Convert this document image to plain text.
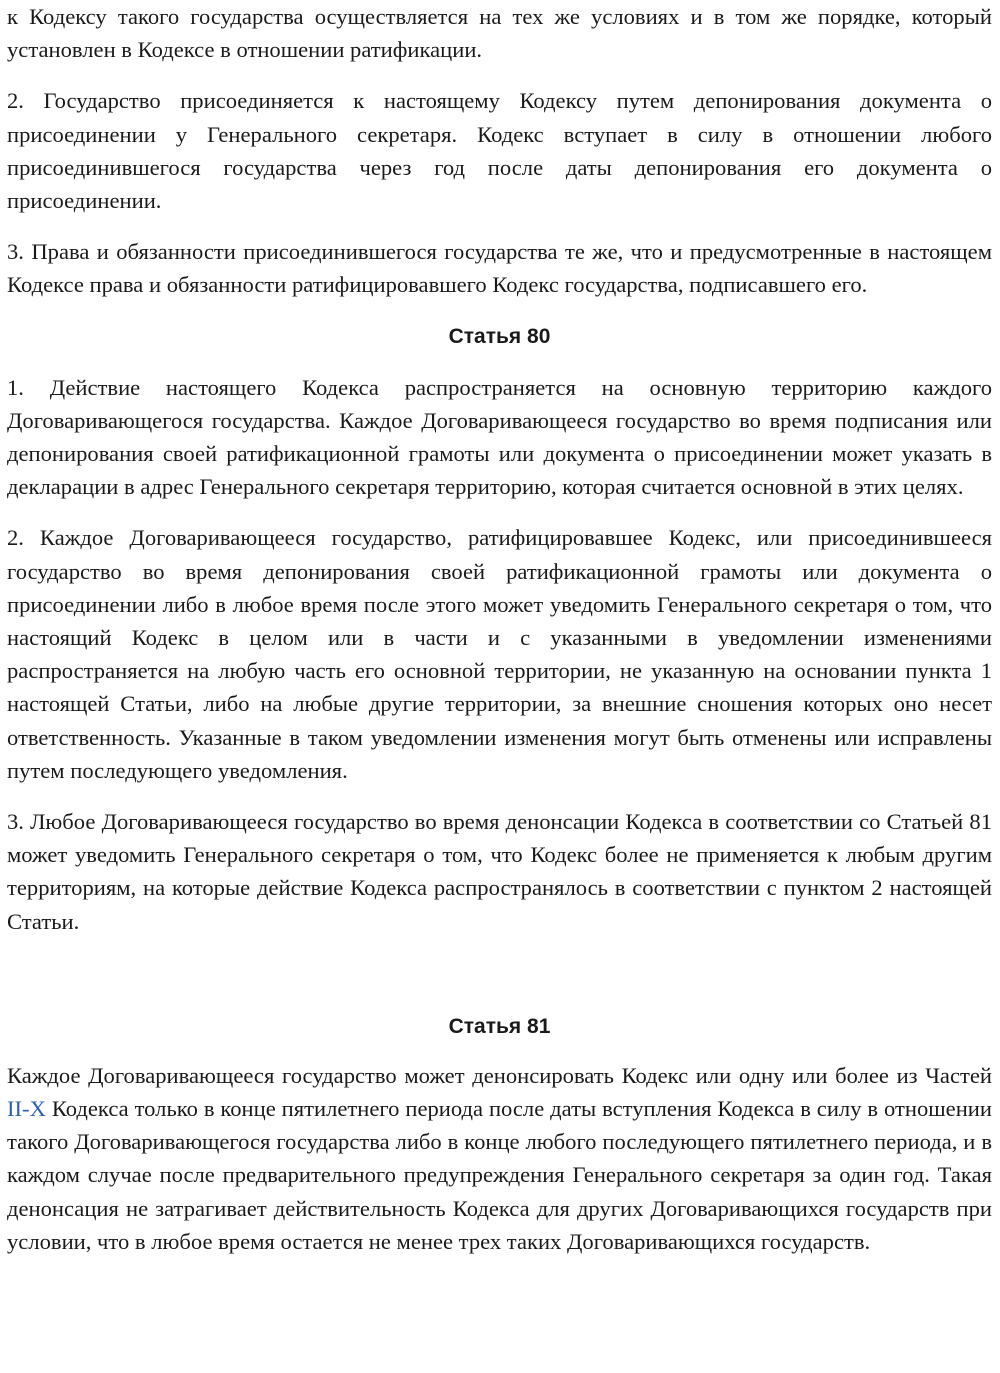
к Кодексу такого государства осуществляется на тех же условиях и в том же порядке, который установлен в Кодексе в отношении ратификации.

2. Государство присоединяется к настоящему Кодексу путем депонирования документа о присоединении у Генерального секретаря. Кодекс вступает в силу в отношении любого присоединившегося государства через год после даты депонирования его документа о присоединении.

3. Права и обязанности присоединившегося государства те же, что и предусмотренные в настоящем Кодексе права и обязанности ратифицировавшего Кодекс государства, подписавшего его.

Статья 80

1. Действие настоящего Кодекса распространяется на основную территорию каждого Договаривающегося государства. Каждое Договаривающееся государство во время подписания или депонирования своей ратификационной грамоты или документа о присоединении может указать в декларации в адрес Генерального секретаря территорию, которая считается основной в этих целях.

2. Каждое Договаривающееся государство, ратифицировавшее Кодекс, или присоединившееся государство во время депонирования своей ратификационной грамоты или документа о присоединении либо в любое время после этого может уведомить Генерального секретаря о том, что настоящий Кодекс в целом или в части и с указанными в уведомлении изменениями распространяется на любую часть его основной территории, не указанную на основании пункта 1 настоящей Статьи, либо на любые другие территории, за внешние сношения которых оно несет ответственность. Указанные в таком уведомлении изменения могут быть отменены или исправлены путем последующего уведомления.

3. Любое Договаривающееся государство во время денонсации Кодекса в соответствии со Статьей 81 может уведомить Генерального секретаря о том, что Кодекс более не применяется к любым другим территориям, на которые действие Кодекса распространялось в соответствии с пунктом 2 настоящей Статьи.

Статья 81

Каждое Договаривающееся государство может денонсировать Кодекс или одну или более из Частей II-X Кодекса только в конце пятилетнего периода после даты вступления Кодекса в силу в отношении такого Договаривающегося государства либо в конце любого последующего пятилетнего периода, и в каждом случае после предварительного предупреждения Генерального секретаря за один год. Такая денонсация не затрагивает действительность Кодекса для других Договаривающихся государств при условии, что в любое время остается не менее трех таких Договаривающихся государств.
